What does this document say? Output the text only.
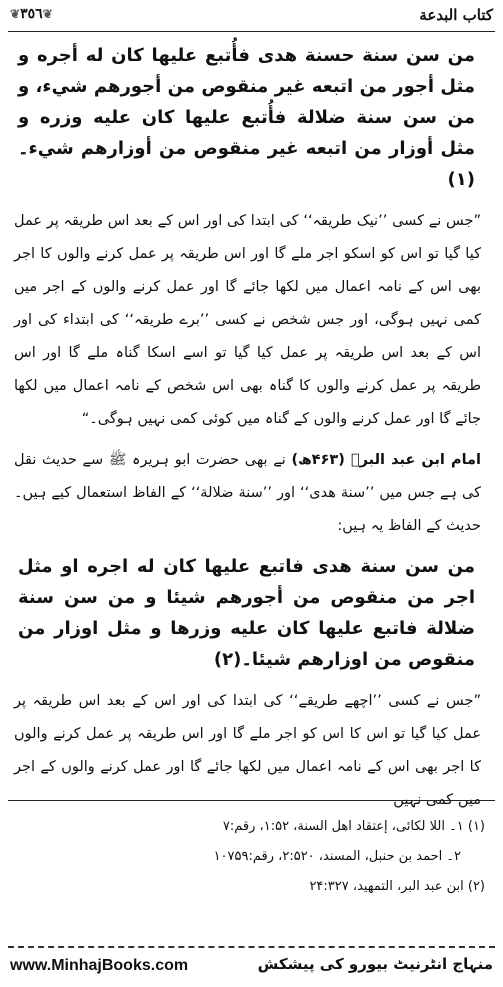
❦٣٥٦❦	كتاب البدعة

من سن سنة حسنة هدى فأُتبع عليها كان له أجره و مثل أجور من اتبعه غير منقوص من أجورهم شيء، و من سن سنة ضلالة فأُتبع عليها كان عليه وزره و مثل أوزار من اتبعه غير منقوص من أوزارهم شيء۔(۱)

”جس نے کسی ’’نیک طریقہ‘‘ کی ابتدا کی اور اس کے بعد اس طریقہ پر عمل کیا گیا تو اس کو اسکو اجر ملے گا اور اس طریقہ پر عمل کرنے والوں کا اجر بھی اس کے نامہ اعمال میں لکھا جائے گا اور عمل کرنے والوں کے اجر میں کمی نہیں ہوگی، اور جس شخص نے کسی ’’برے طریقہ‘‘ کی ابتداء کی اور اس کے بعد اس طریقہ پر عمل کیا گیا تو اسے اسکا گناہ ملے گا اور اس طریقہ پر عمل کرنے والوں کا گناہ بھی اس شخص کے نامہ اعمال میں لکھا جائے گا اور عمل کرنے والوں کے گناہ میں کوئی کمی نہیں ہوگی۔“

امام ابن عبد البرؒ (۴۶۳ھ) نے بھی حضرت ابو ہریرہ ﷺ سے حدیث نقل کی ہے جس میں ’’سنة هدى‘‘ اور ’’سنة ضلالة‘‘ کے الفاظ استعمال کیے ہیں۔ حدیث کے الفاظ یہ ہیں:

من سن سنة هدى فاتبع عليها كان له اجره او مثل اجر من منقوص من أجورهم شيئا و من سن سنة ضلالة فاتبع عليها كان عليه وزرها و مثل اوزار من منقوص من اوزارهم شيئا۔(۲)

”جس نے کسی ’’اچھے طریقے‘‘ کی ابتدا کی اور اس کے بعد اس طریقہ پر عمل کیا گیا تو اس کا اس کو اجر ملے گا اور اس طریقہ پر عمل کرنے والوں کا اجر بھی اس کے نامہ اعمال میں لکھا جائے گا اور عمل کرنے والوں کے اجر میں کمی نہیں

(۱) ۱۔ اللا لكائی، إعتقاد اهل السنة، ۱:۵۲، رقم:۷

۲۔ احمد بن حنبل، المسند، ۲:۵۲۰، رقم:۱۰۷۵۹

(۲) ابن عبد البر، التمهيد، ۲۴:۳۲۷

www.MinhajBooks.com	منہاج انٹرنیٹ بیورو کی پیشکش
